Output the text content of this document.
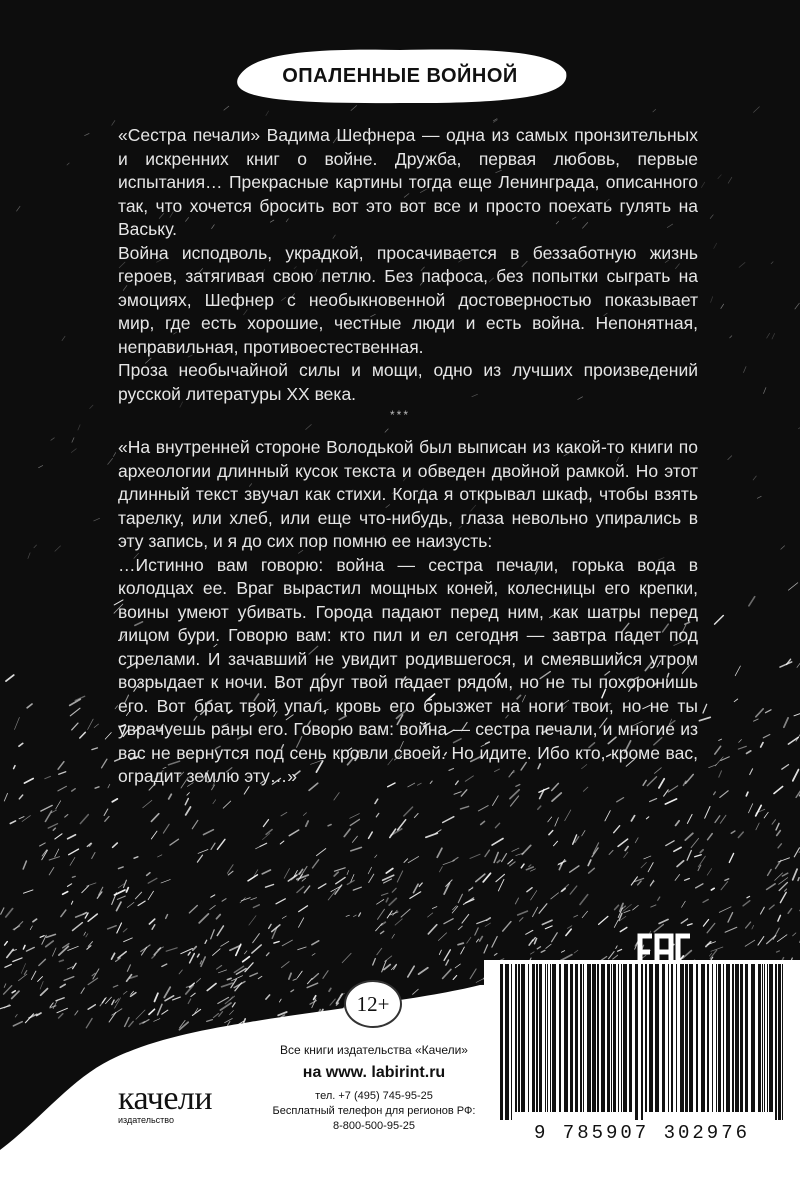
ОПАЛЕННЫЕ ВОЙНОЙ

«Сестра печали» Вадима Шефнера — одна из самых пронзительных и искренних книг о войне. Дружба, первая любовь, первые испытания… Прекрасные картины тогда еще Ленинграда, описанного так, что хочется бросить вот это вот все и просто поехать гулять на Ваську.

Война исподволь, украдкой, просачивается в беззаботную жизнь героев, затягивая свою петлю. Без пафоса, без попытки сыграть на эмоциях, Шефнер с необыкновенной достоверностью показывает мир, где есть хорошие, честные люди и есть война. Непонятная, неправильная, противоестественная.

Проза необычайной силы и мощи, одно из лучших произведений русской литературы XX века.

***

«На внутренней стороне Володькой был выписан из какой-то книги по археологии длинный кусок текста и обведен двойной рамкой. Но этот длинный текст звучал как стихи. Когда я открывал шкаф, чтобы взять тарелку, или хлеб, или еще что-нибудь, глаза невольно упирались в эту запись, и я до сих пор помню ее наизусть:

…Истинно вам говорю: война — сестра печали, горька вода в колодцах ее. Враг вырастил мощных коней, колесницы его крепки, воины умеют убивать. Города падают перед ним, как шатры перед лицом бури. Говорю вам: кто пил и ел сегодня — завтра падет под стрелами. И зачавший не увидит родившегося, и смеявшийся утром возрыдает к ночи. Вот друг твой падает рядом, но не ты похоронишь его. Вот брат твой упал, кровь его брызжет на ноги твои, но не ты уврачуешь раны его. Говорю вам: война — сестра печали, и многие из вас не вернутся под сень кровли своей. Но идите. Ибо кто, кроме вас, оградит землю эту…»

12+
Все книги издательства «Качели»
на www. labirint.ru
тел. +7 (495) 745-95-25
Бесплатный телефон для регионов РФ:
8-800-500-95-25
качели
издательство
9 785907 302976
